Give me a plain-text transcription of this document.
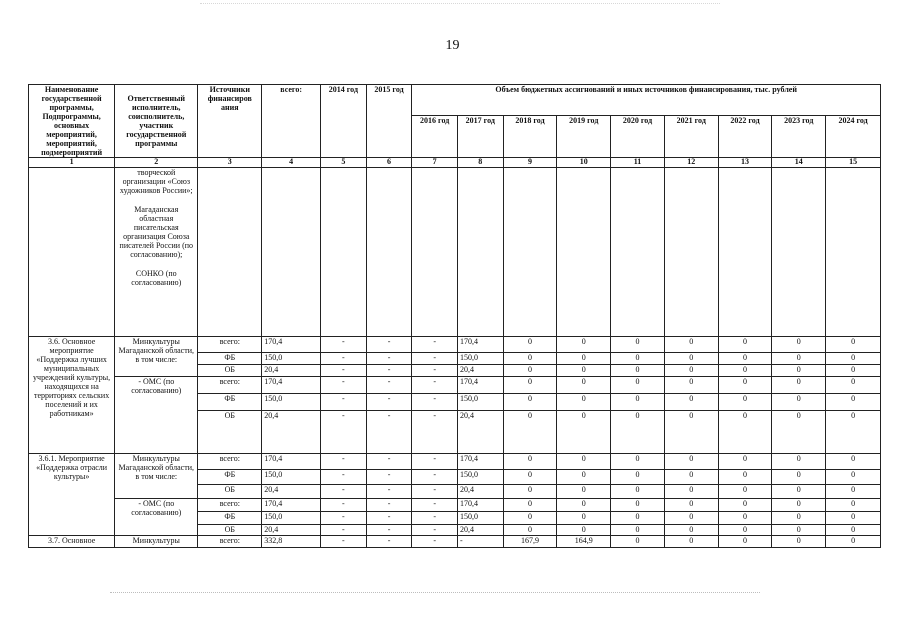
19
Наименование государственной программы, Подпрограммы, основных мероприятий, мероприятий, подмероприятий	Ответственный исполнитель, соисполнитель, участник государственной программы	Источники финансиров ания	всего:	2014 год	2015 год	Объем бюджетных ассигнований и иных источников финансирования, тыс. рублей								
						2016 год	2017 год	2018 год	2019 год	2020 год	2021 год	2022 год	2023 год	2024 год
1	2	3	4	5	6	7	8	9	10	11	12	13	14	15

	творческой организации «Союз художников России»;
Магаданская областная писательская организация Союза писателей России (по согласованию);
СОНКО (по согласованию)													

3.6. Основное мероприятие «Поддержка лучших муниципальных учреждений культуры, находящихся на территориях сельских поселений и их работникам»	Минкультуры Магаданской области, в том числе:	всего:	170,4	-	-	-	170,4	0	0	0	0	0	0	0
		ФБ	150,0	-	-	-	150,0	0	0	0	0	0	0	0
		ОБ	20,4	-	-	-	20,4	0	0	0	0	0	0	0
	- ОМС (по согласованию)	всего:	170,4	-	-	-	170,4	0	0	0	0	0	0	0
		ФБ	150,0	-	-	-	150,0	0	0	0	0	0	0	0
		ОБ	20,4	-	-	-	20,4	0	0	0	0	0	0	0
3.6.1. Мероприятие «Поддержка отрасли культуры»	Минкультуры Магаданской области, в том числе:	всего:	170,4	-	-	-	170,4	0	0	0	0	0	0	0
		ФБ	150,0	-	-	-	150,0	0	0	0	0	0	0	0
		ОБ	20,4	-	-	-	20,4	0	0	0	0	0	0	0
	- ОМС (по согласованию)	всего:	170,4	-	-	-	170,4	0	0	0	0	0	0	0
		ФБ	150,0	-	-	-	150,0	0	0	0	0	0	0	0
		ОБ	20,4	-	-	-	20,4	0	0	0	0	0	0	0
3.7. Основное	Минкультуры	всего:	332,8	-	-	-	-	167,9	164,9	0	0	0	0	0
